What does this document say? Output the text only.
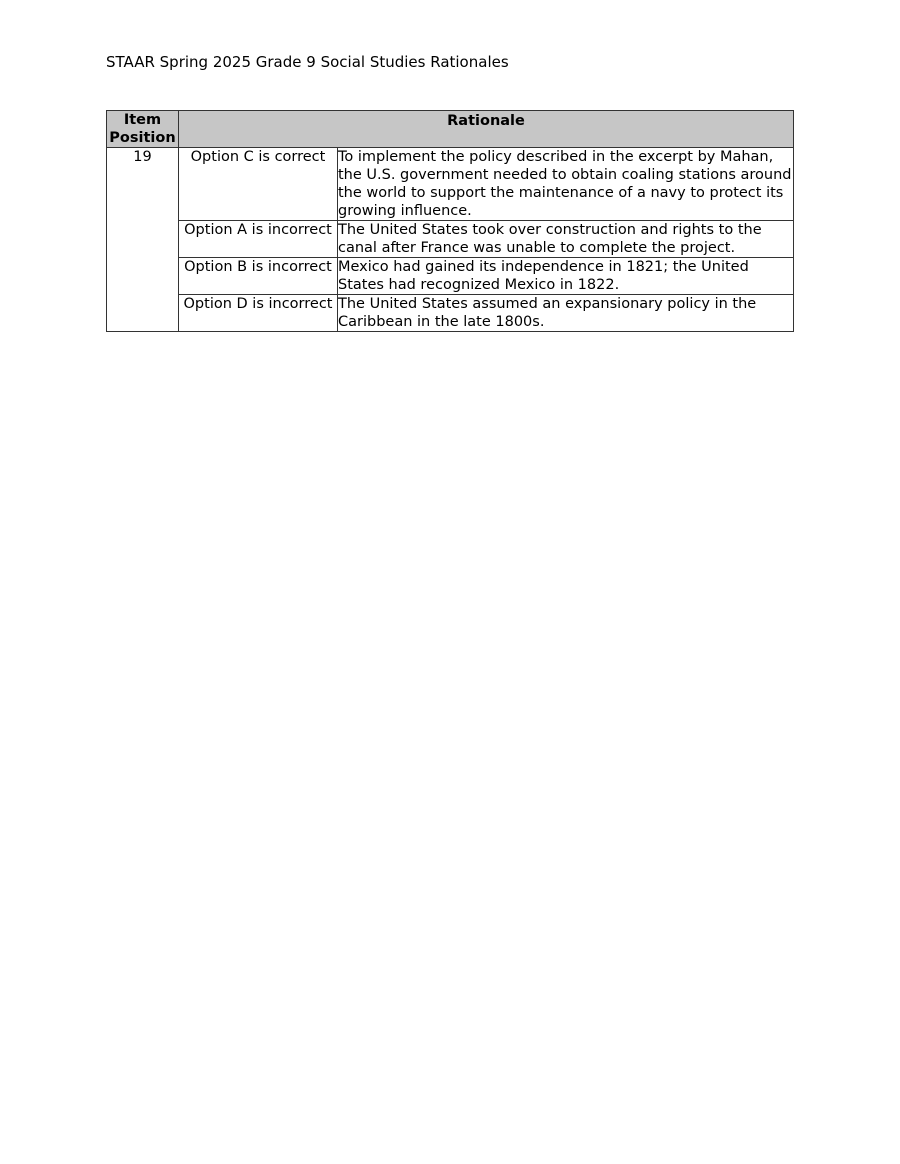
STAAR Spring 2025 Grade 9 Social Studies Rationales
Item
Position	Rationale	

19	Option C is correct	To implement the policy described in the excerpt by Mahan, the U.S. government needed to obtain coaling stations around the world to support the maintenance of a navy to protect its growing influence.
	Option A is incorrect	The United States took over construction and rights to the canal after France was unable to complete the project.
	Option B is incorrect	Mexico had gained its independence in 1821; the United States had recognized Mexico in 1822.
	Option D is incorrect	The United States assumed an expansionary policy in the Caribbean in the late 1800s.
